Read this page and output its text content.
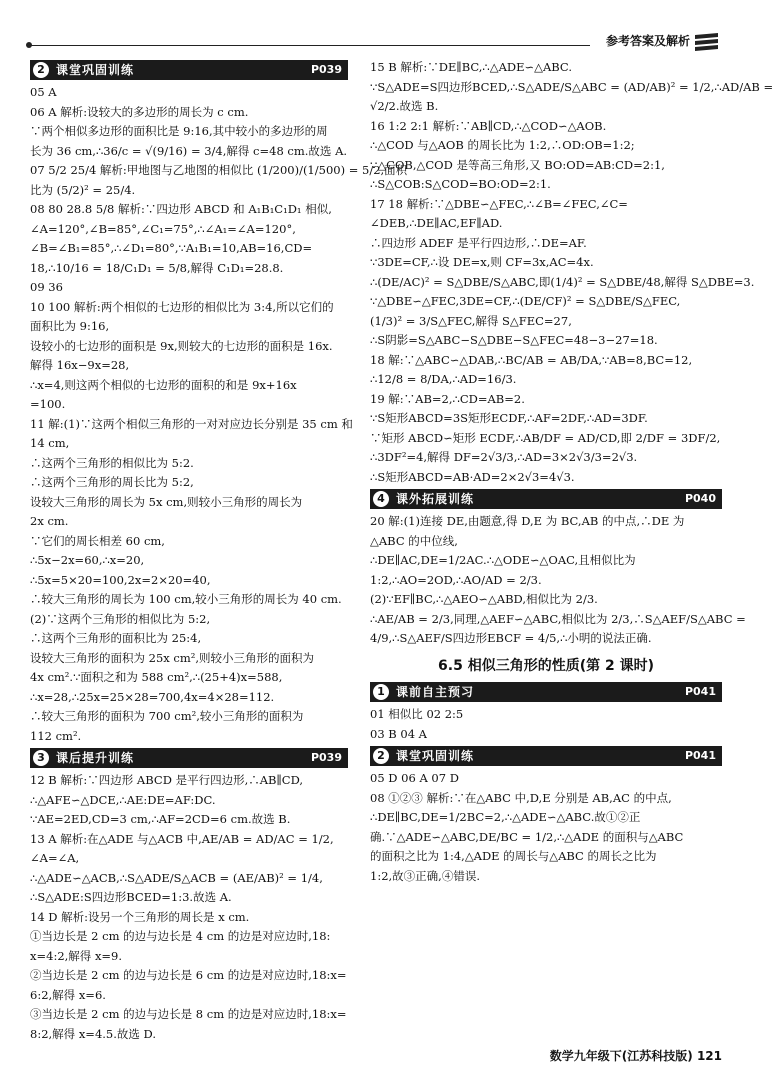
参考答案及解析
2 课堂巩固训练	P039
05 A
06 A 解析:设较大的多边形的周长为 c cm.
∵两个相似多边形的面积比是 9:16,其中较小的多边形的周
长为 36 cm,∴36/c = √(9/16) = 3/4,解得 c=48 cm.故选 A.
07 5/2 25/4 解析:甲地图与乙地图的相似比 (1/200)/(1/500) = 5/2,面积
比为 (5/2)² = 25/4.
08 80 28.8 5/8 解析:∵四边形 ABCD 和 A₁B₁C₁D₁ 相似,
∠A=120°,∠B=85°,∠C₁=75°,∴∠A₁=∠A=120°,
∠B=∠B₁=85°,∴∠D₁=80°,∵A₁B₁=10,AB=16,CD=
18,∴10/16 = 18/C₁D₁ = 5/8,解得 C₁D₁=28.8.
09 36
10 100 解析:两个相似的七边形的相似比为 3:4,所以它们的
面积比为 9:16,
设较小的七边形的面积是 9x,则较大的七边形的面积是 16x.
解得 16x−9x=28,
∴x=4,则这两个相似的七边形的面积的和是 9x+16x
=100.
11 解:(1)∵这两个相似三角形的一对对应边长分别是 35 cm 和
14 cm,
∴这两个三角形的相似比为 5:2.
∴这两个三角形的周长比为 5:2,
设较大三角形的周长为 5x cm,则较小三角形的周长为
2x cm.
∵它们的周长相差 60 cm,
∴5x−2x=60,∴x=20,
∴5x=5×20=100,2x=2×20=40,
∴较大三角形的周长为 100 cm,较小三角形的周长为 40 cm.
(2)∵这两个三角形的相似比为 5:2,
∴这两个三角形的面积比为 25:4,
设较大三角形的面积为 25x cm²,则较小三角形的面积为
4x cm².∵面积之和为 588 cm²,∴(25+4)x=588,
∴x=28,∴25x=25×28=700,4x=4×28=112.
∴较大三角形的面积为 700 cm²,较小三角形的面积为
112 cm².
3 课后提升训练	P039
12 B 解析:∵四边形 ABCD 是平行四边形,∴AB∥CD,
∴△AFE∽△DCE,∴AE:DE=AF:DC.
∵AE=2ED,CD=3 cm,∴AF=2CD=6 cm.故选 B.
13 A 解析:在△ADE 与△ACB 中,AE/AB = AD/AC = 1/2,
∠A=∠A,
∴△ADE∽△ACB,∴S△ADE/S△ACB = (AE/AB)² = 1/4,
∴S△ADE:S四边形BCED=1:3.故选 A.
14 D 解析:设另一个三角形的周长是 x cm.
①当边长是 2 cm 的边与边长是 4 cm 的边是对应边时,18:
x=4:2,解得 x=9.
②当边长是 2 cm 的边与边长是 6 cm 的边是对应边时,18:x=
6:2,解得 x=6.
③当边长是 2 cm 的边与边长是 8 cm 的边是对应边时,18:x=
8:2,解得 x=4.5.故选 D.
15 B 解析:∵DE∥BC,∴△ADE∽△ABC.
∵S△ADE=S四边形BCED,∴S△ADE/S△ABC = (AD/AB)² = 1/2,∴AD/AB =
√2/2.故选 B.
16 1:2 2:1 解析:∵AB∥CD,∴△COD∽△AOB.
∴△COD 与△AOB 的周长比为 1:2,∴OD:OB=1:2;
∵△COB,△COD 是等高三角形,又 BO:OD=AB:CD=2:1,
∴S△COB:S△COD=BO:OD=2:1.
17 18 解析:∵△DBE∽△FEC,∴∠B=∠FEC,∠C=
∠DEB,∴DE∥AC,EF∥AD.
∴四边形 ADEF 是平行四边形,∴DE=AF.
∵3DE=CF,∴设 DE=x,则 CF=3x,AC=4x.
∴(DE/AC)² = S△DBE/S△ABC,即(1/4)² = S△DBE/48,解得 S△DBE=3.
∵△DBE∽△FEC,3DE=CF,∴(DE/CF)² = S△DBE/S△FEC,
(1/3)² = 3/S△FEC,解得 S△FEC=27,
∴S阴影=S△ABC−S△DBE−S△FEC=48−3−27=18.
18 解:∵△ABC∽△DAB,∴BC/AB = AB/DA,∵AB=8,BC=12,
∴12/8 = 8/DA,∴AD=16/3.
19 解:∵AB=2,∴CD=AB=2.
∵S矩形ABCD=3S矩形ECDF,∴AF=2DF,∴AD=3DF.
∵矩形 ABCD∽矩形 ECDF,∴AB/DF = AD/CD,即 2/DF = 3DF/2,
∴3DF²=4,解得 DF=2√3/3,∴AD=3×2√3/3=2√3.
∴S矩形ABCD=AB·AD=2×2√3=4√3.
4 课外拓展训练	P040
20 解:(1)连接 DE,由题意,得 D,E 为 BC,AB 的中点,∴DE 为
△ABC 的中位线,
∴DE∥AC,DE=1/2AC.∴△ODE∽△OAC,且相似比为
1:2,∴AO=2OD,∴AO/AD = 2/3.
(2)∵EF∥BC,∴△AEO∽△ABD,相似比为 2/3.
∴AE/AB = 2/3,同理,△AEF∽△ABC,相似比为 2/3,∴S△AEF/S△ABC =
4/9,∴S△AEF/S四边形EBCF = 4/5,∴小明的说法正确.
6.5 相似三角形的性质(第 2 课时)
1 课前自主预习	P041
01 相似比 02 2:5
03 B 04 A
2 课堂巩固训练	P041
05 D 06 A 07 D
08 ①②③ 解析:∵在△ABC 中,D,E 分别是 AB,AC 的中点,
∴DE∥BC,DE=1/2BC=2,∴△ADE∽△ABC.故①②正
确.∵△ADE∽△ABC,DE/BC = 1/2,∴△ADE 的面积与△ABC
的面积之比为 1:4,△ADE 的周长与△ABC 的周长之比为
1:2,故③正确,④错误.
数学九年级下(江苏科技版) 121
